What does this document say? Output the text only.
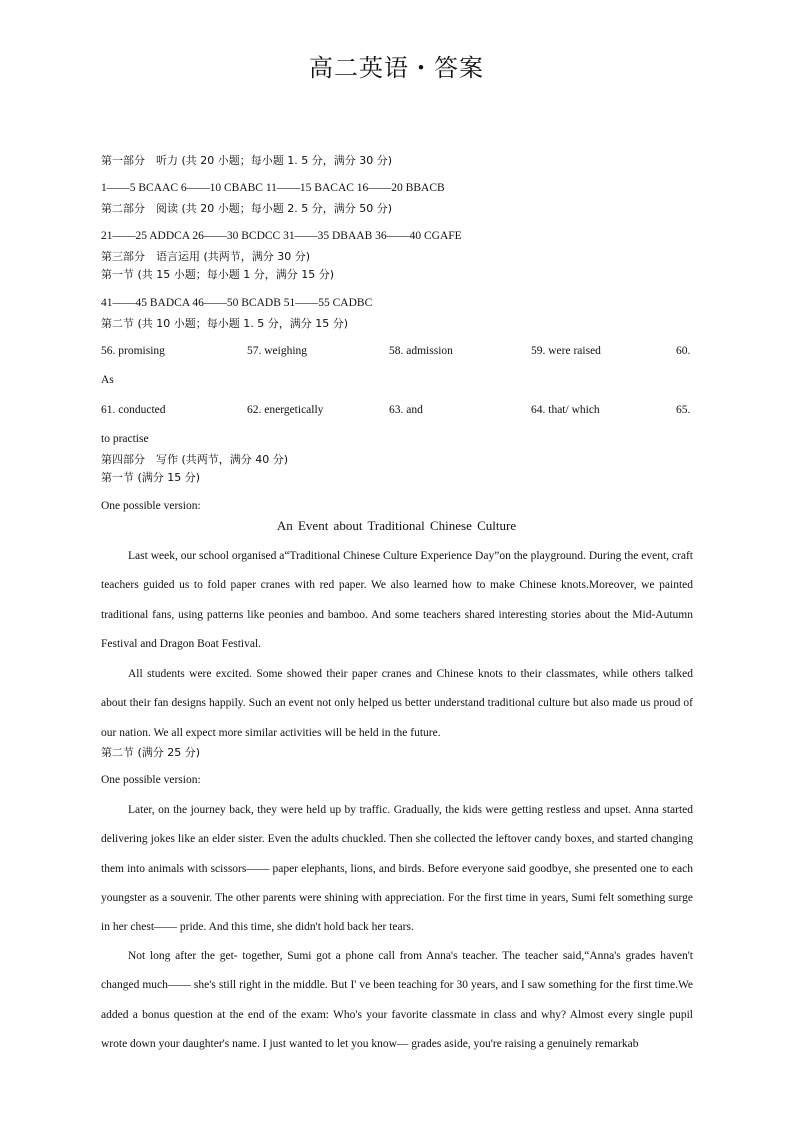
高二英语・答案
第一部分　听力 (共 20 小题；每小题 1. 5 分，满分 30 分)
1——5 BCAAC 6——10 CBABC 11——15 BACAC 16——20 BBACB
第二部分　阅读 (共 20 小题；每小题 2. 5 分，满分 50 分)
21——25 ADDCA 26——30 BCDCC 31——35 DBAAB 36——40 CGAFE
第三部分　语言运用 (共两节，满分 30 分)
第一节 (共 15 小题；每小题 1 分，满分 15 分)
41——45 BADCA 46——50 BCADB 51——55 CADBC
第二节 (共 10 小题；每小题 1. 5 分，满分 15 分)
56. promising	57. weighing	58. admission	59. were raised	60.
As
61. conducted	62. energetically	63. and	64. that/ which	65.
to practise
第四部分　写作 (共两节，满分 40 分)
第一节 (满分 15 分)
One possible version:
An Event about Traditional Chinese Culture
Last week, our school organised a“Traditional Chinese Culture Experience Day”on the playground. During the event, craft teachers guided us to fold paper cranes with red paper. We also learned how to make Chinese knots.Moreover, we painted traditional fans, using patterns like peonies and bamboo. And some teachers shared interesting stories about the Mid-Autumn Festival and Dragon Boat Festival.
All students were excited. Some showed their paper cranes and Chinese knots to their classmates, while others talked about their fan designs happily. Such an event not only helped us better understand traditional culture but also made us proud of our nation. We all expect more similar activities will be held in the future.
第二节 (满分 25 分)
One possible version:
Later, on the journey back, they were held up by traffic. Gradually, the kids were getting restless and upset. Anna started delivering jokes like an elder sister. Even the adults chuckled. Then she collected the leftover candy boxes, and started changing them into animals with scissors—— paper elephants, lions, and birds. Before everyone said goodbye, she presented one to each youngster as a souvenir. The other parents were shining with appreciation. For the first time in years, Sumi felt something surge in her chest—— pride. And this time, she didn't hold back her tears.
Not long after the get- together, Sumi got a phone call from Anna's teacher. The teacher said,“Anna's grades haven't changed much—— she's still right in the middle. But I' ve been teaching for 30 years, and I saw something for the first time.We added a bonus question at the end of the exam: Who's your favorite classmate in class and why? Almost every single pupil wrote down your daughter's name. I just wanted to let you know— grades aside, you're raising a genuinely remarkab
